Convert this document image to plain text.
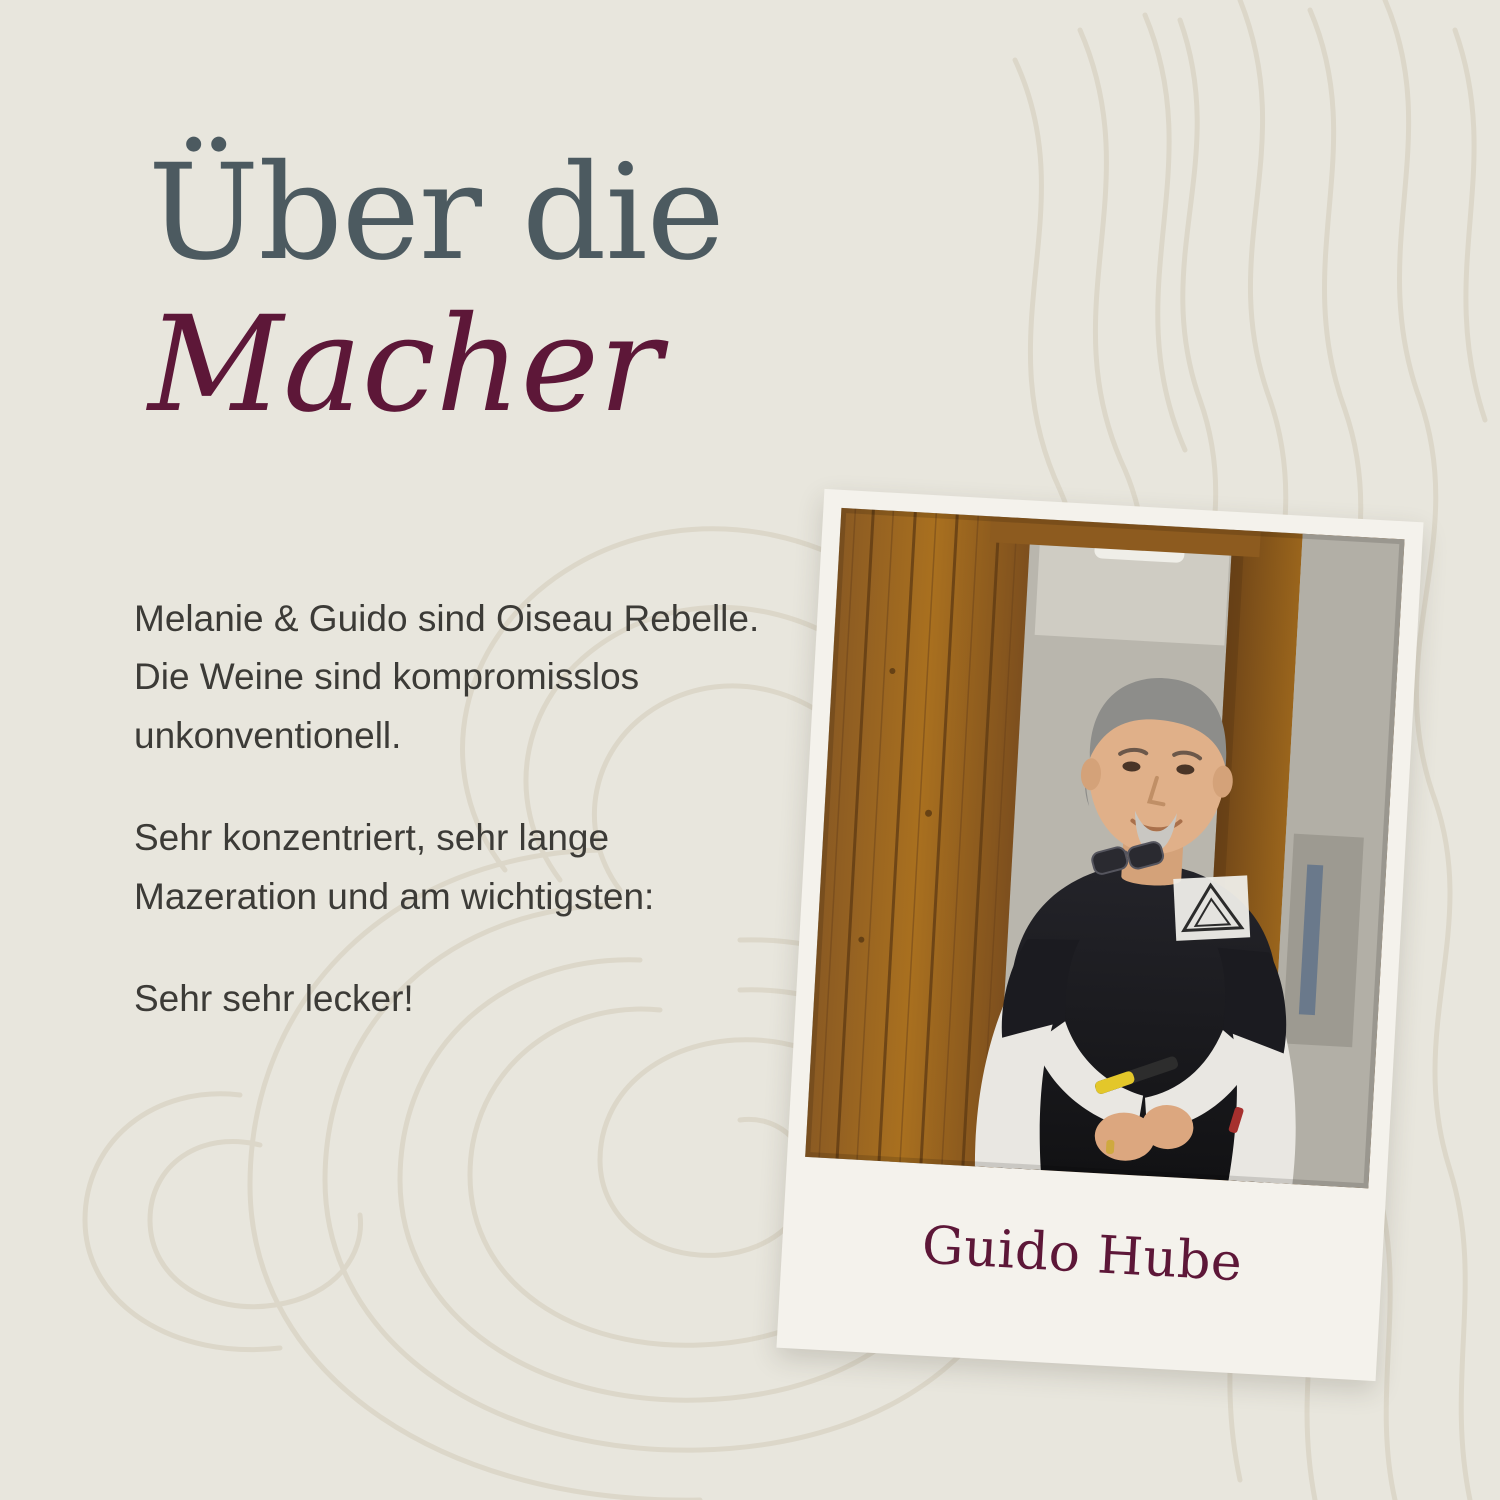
Über die
Macher

Melanie & Guido sind Oiseau Rebelle. Die Weine sind kompromisslos unkonventionell.

Sehr konzentriert, sehr lange Mazeration und am wichtigsten:

Sehr sehr lecker!

Guido Hube
